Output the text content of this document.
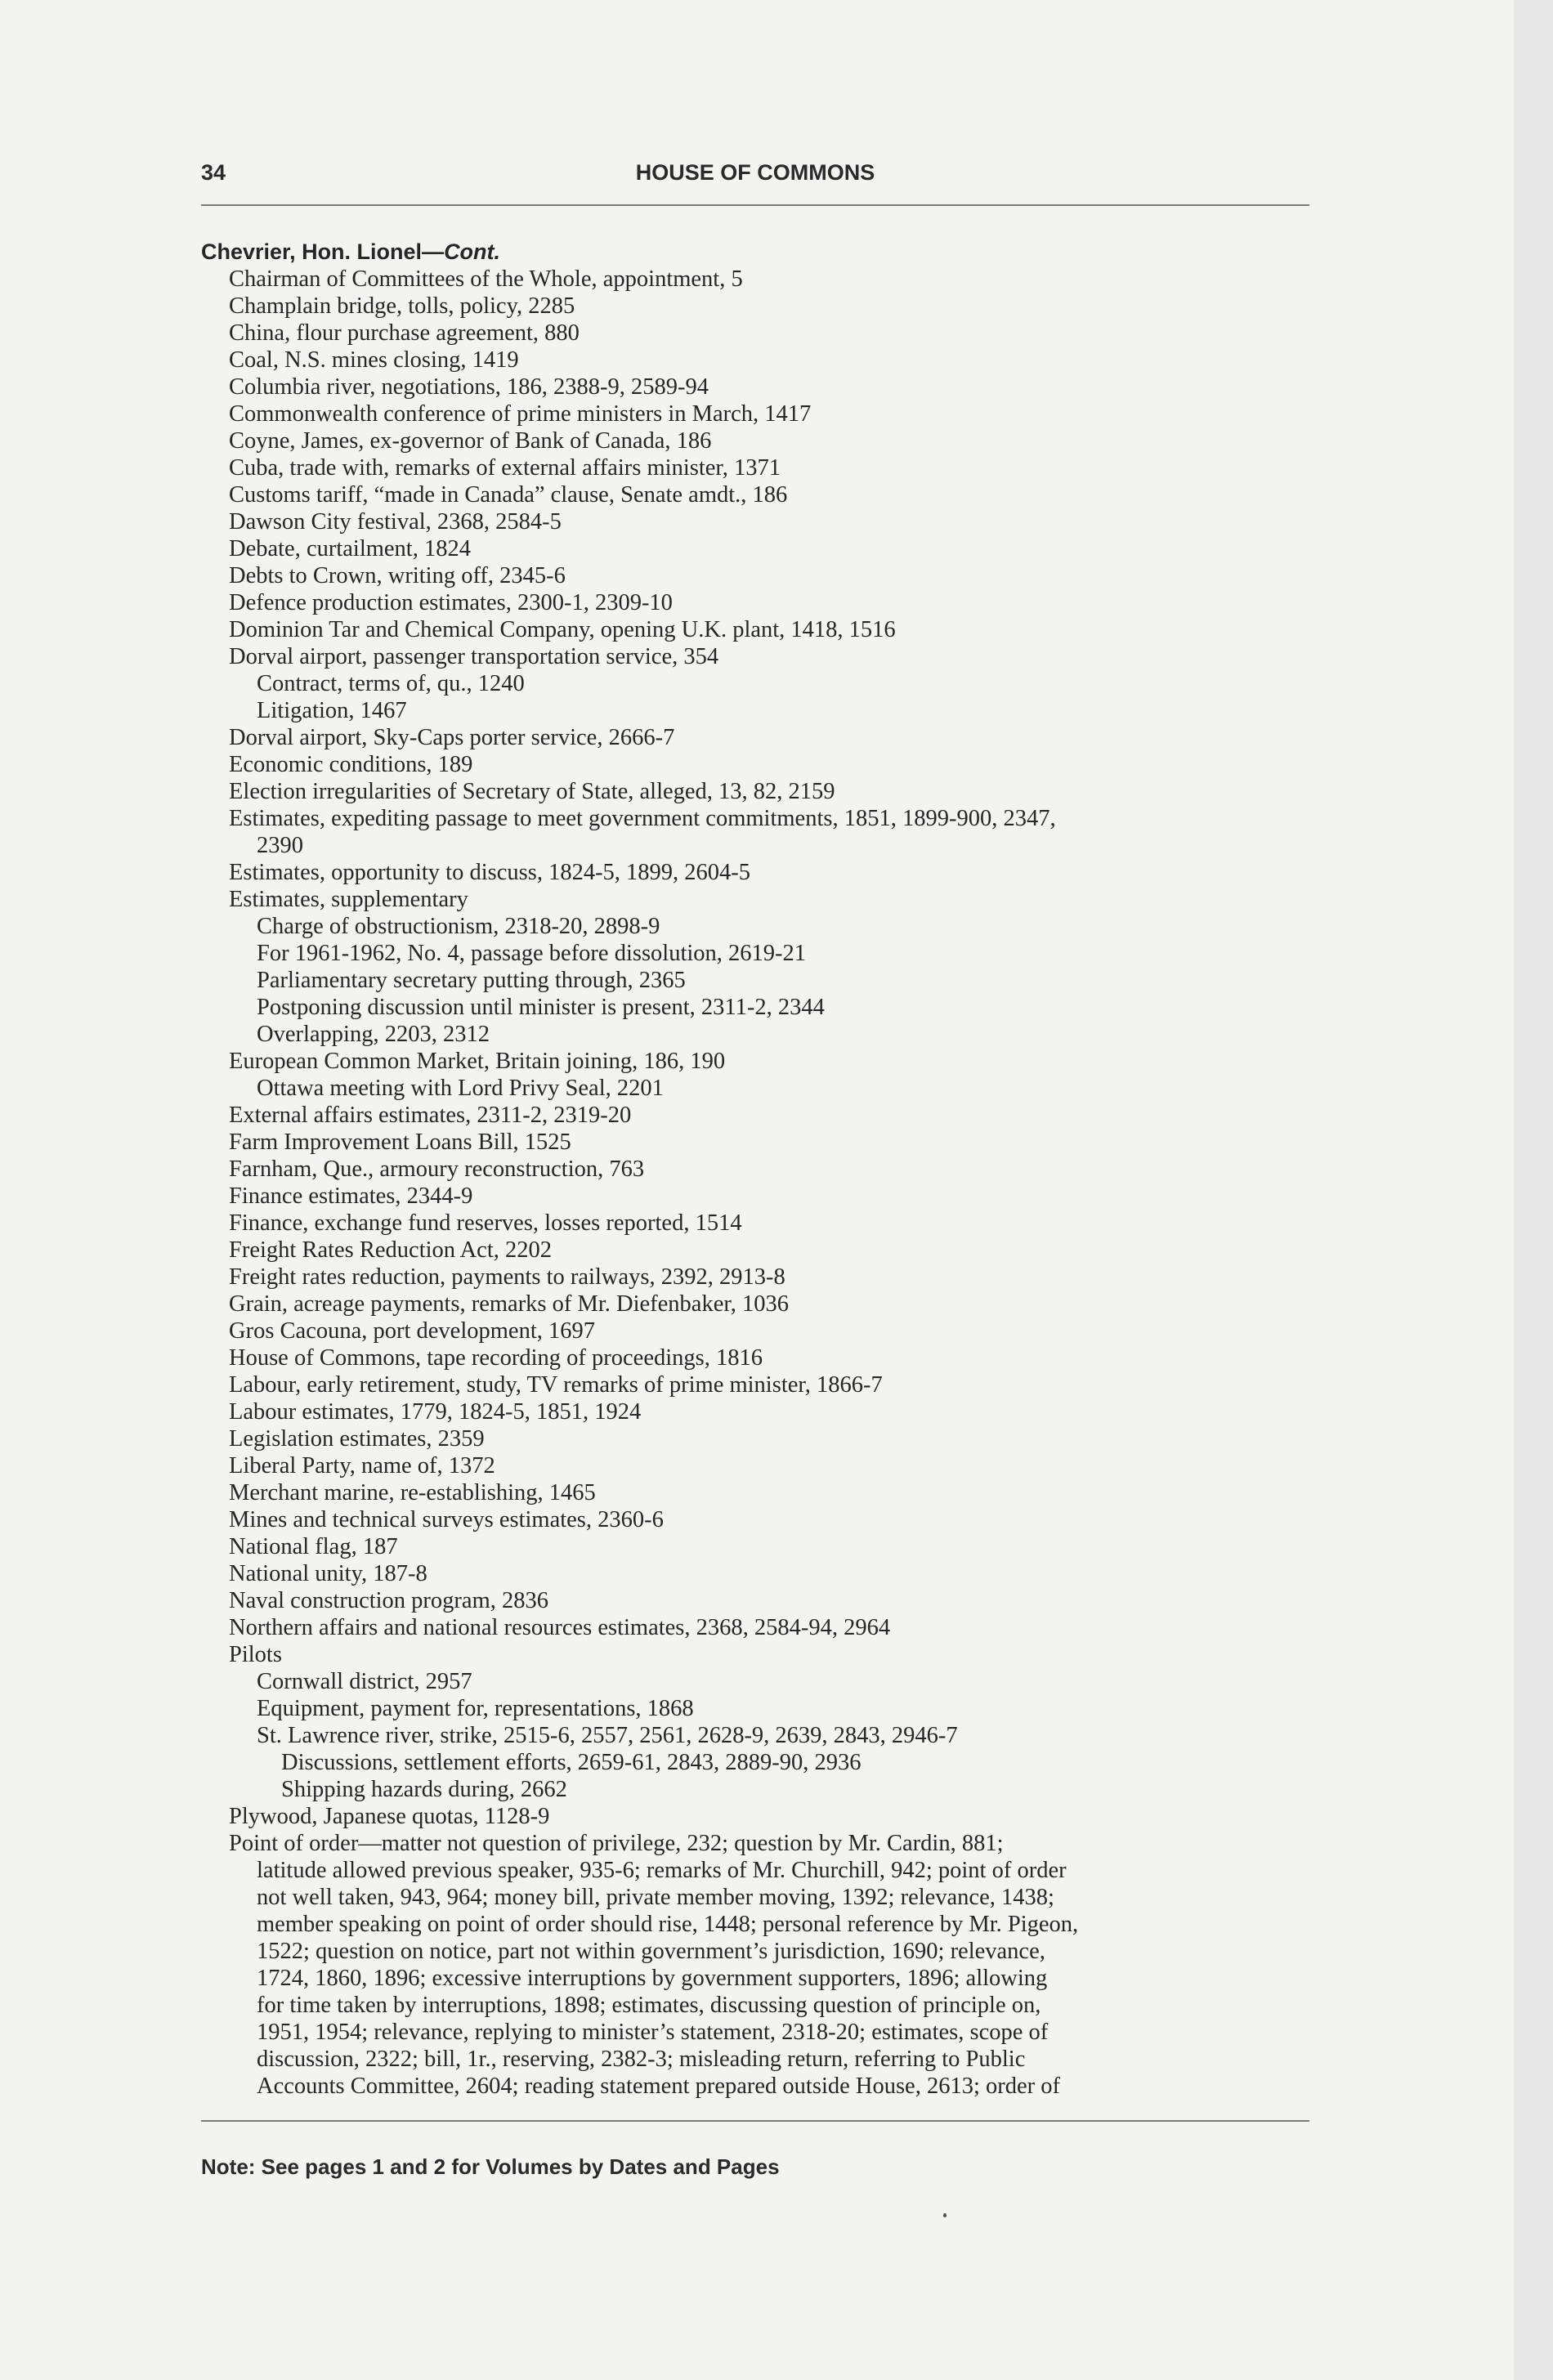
34	HOUSE OF COMMONS
Chevrier, Hon. Lionel—Cont.
Chairman of Committees of the Whole, appointment, 5
Champlain bridge, tolls, policy, 2285
China, flour purchase agreement, 880
Coal, N.S. mines closing, 1419
Columbia river, negotiations, 186, 2388-9, 2589-94
Commonwealth conference of prime ministers in March, 1417
Coyne, James, ex-governor of Bank of Canada, 186
Cuba, trade with, remarks of external affairs minister, 1371
Customs tariff, “made in Canada” clause, Senate amdt., 186
Dawson City festival, 2368, 2584-5
Debate, curtailment, 1824
Debts to Crown, writing off, 2345-6
Defence production estimates, 2300-1, 2309-10
Dominion Tar and Chemical Company, opening U.K. plant, 1418, 1516
Dorval airport, passenger transportation service, 354
Contract, terms of, qu., 1240
Litigation, 1467
Dorval airport, Sky-Caps porter service, 2666-7
Economic conditions, 189
Election irregularities of Secretary of State, alleged, 13, 82, 2159
Estimates, expediting passage to meet government commitments, 1851, 1899-900, 2347,
2390
Estimates, opportunity to discuss, 1824-5, 1899, 2604-5
Estimates, supplementary
Charge of obstructionism, 2318-20, 2898-9
For 1961-1962, No. 4, passage before dissolution, 2619-21
Parliamentary secretary putting through, 2365
Postponing discussion until minister is present, 2311-2, 2344
Overlapping, 2203, 2312
European Common Market, Britain joining, 186, 190
Ottawa meeting with Lord Privy Seal, 2201
External affairs estimates, 2311-2, 2319-20
Farm Improvement Loans Bill, 1525
Farnham, Que., armoury reconstruction, 763
Finance estimates, 2344-9
Finance, exchange fund reserves, losses reported, 1514
Freight Rates Reduction Act, 2202
Freight rates reduction, payments to railways, 2392, 2913-8
Grain, acreage payments, remarks of Mr. Diefenbaker, 1036
Gros Cacouna, port development, 1697
House of Commons, tape recording of proceedings, 1816
Labour, early retirement, study, TV remarks of prime minister, 1866-7
Labour estimates, 1779, 1824-5, 1851, 1924
Legislation estimates, 2359
Liberal Party, name of, 1372
Merchant marine, re-establishing, 1465
Mines and technical surveys estimates, 2360-6
National flag, 187
National unity, 187-8
Naval construction program, 2836
Northern affairs and national resources estimates, 2368, 2584-94, 2964
Pilots
Cornwall district, 2957
Equipment, payment for, representations, 1868
St. Lawrence river, strike, 2515-6, 2557, 2561, 2628-9, 2639, 2843, 2946-7
Discussions, settlement efforts, 2659-61, 2843, 2889-90, 2936
Shipping hazards during, 2662
Plywood, Japanese quotas, 1128-9
Point of order—matter not question of privilege, 232; question by Mr. Cardin, 881;
latitude allowed previous speaker, 935-6; remarks of Mr. Churchill, 942; point of order
not well taken, 943, 964; money bill, private member moving, 1392; relevance, 1438;
member speaking on point of order should rise, 1448; personal reference by Mr. Pigeon,
1522; question on notice, part not within government’s jurisdiction, 1690; relevance,
1724, 1860, 1896; excessive interruptions by government supporters, 1896; allowing
for time taken by interruptions, 1898; estimates, discussing question of principle on,
1951, 1954; relevance, replying to minister’s statement, 2318-20; estimates, scope of
discussion, 2322; bill, 1r., reserving, 2382-3; misleading return, referring to Public
Accounts Committee, 2604; reading statement prepared outside House, 2613; order of
Note: See pages 1 and 2 for Volumes by Dates and Pages
